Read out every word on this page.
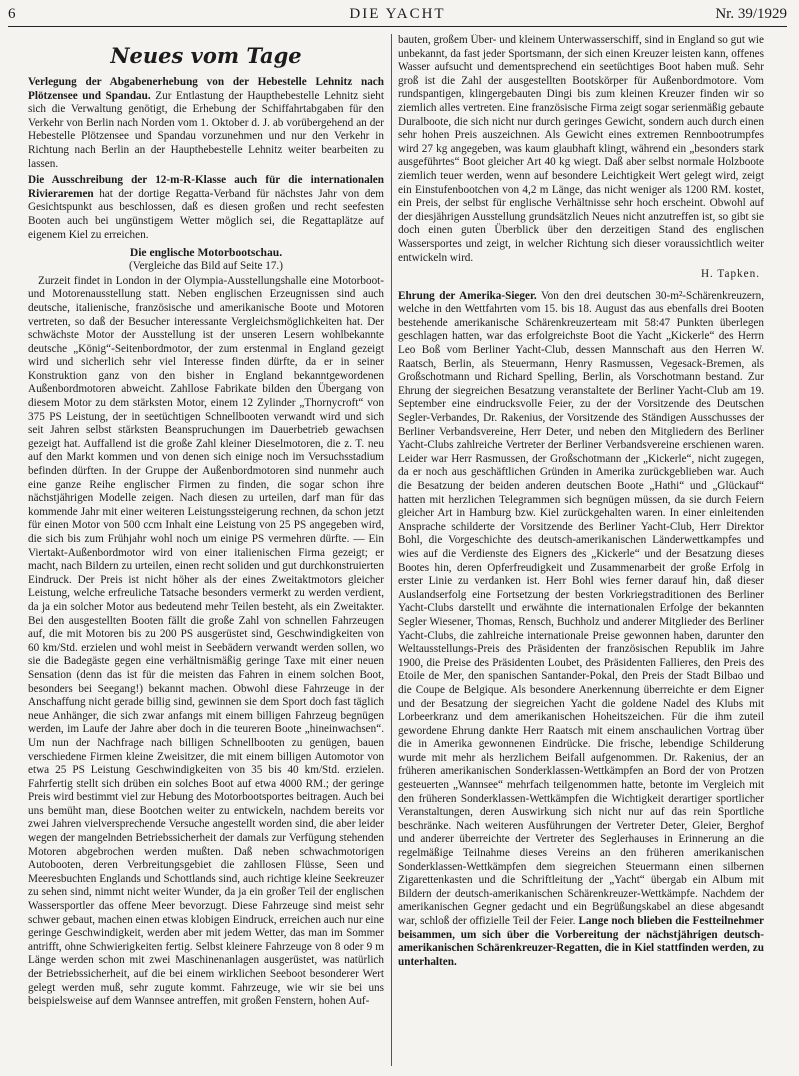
6	DIE YACHT	Nr. 39/1929
Neues vom Tage

Verlegung der Abgabenerhebung von der Hebestelle Lehnitz nach Plötzensee und Spandau. Zur Entlastung der Haupthebestelle Lehnitz sieht sich die Verwaltung genötigt, die Erhebung der Schiffahrtabgaben für den Verkehr von Berlin nach Norden vom 1. Oktober d. J. ab vorübergehend an der Hebestelle Plötzensee und Spandau vorzunehmen und nur den Verkehr in Richtung nach Berlin an der Haupthebestelle Lehnitz weiter bearbeiten zu lassen.

Die Ausschreibung der 12-m-R-Klasse auch für die internationalen Rivieraremen hat der dortige Regatta-Verband für nächstes Jahr von dem Gesichtspunkt aus beschlossen, daß es diesen großen und recht seefesten Booten auch bei ungünstigem Wetter möglich sei, die Regattaplätze auf eigenem Kiel zu erreichen.

Die englische Motorbootschau.
(Vergleiche das Bild auf Seite 17.)

Zurzeit findet in London in der Olympia-Ausstellungshalle eine Motorboot- und Motorenausstellung statt. Neben englischen Erzeugnissen sind auch deutsche, italienische, französische und amerikanische Boote und Motoren vertreten, so daß der Besucher interessante Vergleichsmöglichkeiten hat. Der schwächste Motor der Ausstellung ist der unseren Lesern wohlbekannte deutsche „König“-Seitenbordmotor, der zum erstenmal in England gezeigt wird und sicherlich sehr viel Interesse finden dürfte, da er in seiner Konstruktion ganz von den bisher in England bekanntgewordenen Außenbordmotoren abweicht. Zahllose Fabrikate bilden den Übergang von diesem Motor zu dem stärksten Motor, einem 12 Zylinder „Thornycroft“ von 375 PS Leistung, der in seetüchtigen Schnellbooten verwandt wird und sich seit Jahren selbst stärksten Beanspruchungen im Dauerbetrieb gewachsen gezeigt hat. Auffallend ist die große Zahl kleiner Dieselmotoren, die z. T. neu auf den Markt kommen und von denen sich einige noch im Versuchsstadium befinden dürften. In der Gruppe der Außenbordmotoren sind nunmehr auch eine ganze Reihe englischer Firmen zu finden, die sogar schon ihre nächstjährigen Modelle zeigen. Nach diesen zu urteilen, darf man für das kommende Jahr mit einer weiteren Leistungssteigerung rechnen, da schon jetzt für einen Motor von 500 ccm Inhalt eine Leistung von 25 PS angegeben wird, die sich bis zum Frühjahr wohl noch um einige PS vermehren dürfte. — Ein Viertakt-Außenbordmotor wird von einer italienischen Firma gezeigt; er macht, nach Bildern zu urteilen, einen recht soliden und gut durchkonstruierten Eindruck. Der Preis ist nicht höher als der eines Zweitaktmotors gleicher Leistung, welche erfreuliche Tatsache besonders vermerkt zu werden verdient, da ja ein solcher Motor aus bedeutend mehr Teilen besteht, als ein Zweitakter. Bei den ausgestellten Booten fällt die große Zahl von schnellen Fahrzeugen auf, die mit Motoren bis zu 200 PS ausgerüstet sind, Geschwindigkeiten von 60 km/Std. erzielen und wohl meist in Seebädern verwandt werden sollen, wo sie die Badegäste gegen eine verhältnismäßig geringe Taxe mit einer neuen Sensation (denn das ist für die meisten das Fahren in einem solchen Boot, besonders bei Seegang!) bekannt machen. Obwohl diese Fahrzeuge in der Anschaffung nicht gerade billig sind, gewinnen sie dem Sport doch fast täglich neue Anhänger, die sich zwar anfangs mit einem billigen Fahrzeug begnügen werden, im Laufe der Jahre aber doch in die teureren Boote „hineinwachsen“. Um nun der Nachfrage nach billigen Schnellbooten zu genügen, bauen verschiedene Firmen kleine Zweisitzer, die mit einem billigen Automotor von etwa 25 PS Leistung Geschwindigkeiten von 35 bis 40 km/Std. erzielen. Fahrfertig stellt sich drüben ein solches Boot auf etwa 4000 RM.; der geringe Preis wird bestimmt viel zur Hebung des Motorbootsportes beitragen. Auch bei uns bemüht man, diese Bootchen weiter zu entwickeln, nachdem bereits vor zwei Jahren vielversprechende Versuche angestellt worden sind, die aber leider wegen der mangelnden Betriebssicherheit der damals zur Verfügung stehenden Motoren abgebrochen werden mußten. Daß neben schwachmotorigen Autobooten, deren Verbreitungsgebiet die zahllosen Flüsse, Seen und Meeresbuchten Englands und Schottlands sind, auch richtige kleine Seekreuzer zu sehen sind, nimmt nicht weiter Wunder, da ja ein großer Teil der englischen Wassersportler das offene Meer bevorzugt. Diese Fahrzeuge sind meist sehr schwer gebaut, machen einen etwas klobigen Eindruck, erreichen auch nur eine geringe Geschwindigkeit, werden aber mit jedem Wetter, das man im Sommer antrifft, ohne Schwierigkeiten fertig. Selbst kleinere Fahrzeuge von 8 oder 9 m Länge werden schon mit zwei Maschinenanlagen ausgerüstet, was natürlich der Betriebssicherheit, auf die bei einem wirklichen Seeboot besonderer Wert gelegt werden muß, sehr zugute kommt. Fahrzeuge, wie wir sie bei uns beispielsweise auf dem Wannsee antreffen, mit großen Fenstern, hohen Auf-

bauten, großem Über- und kleinem Unterwasserschiff, sind in England so gut wie unbekannt, da fast jeder Sportsmann, der sich einen Kreuzer leisten kann, offenes Wasser aufsucht und dementsprechend ein seetüchtiges Boot haben muß. Sehr groß ist die Zahl der ausgestellten Bootskörper für Außenbordmotore. Vom rundspantigen, klingergebauten Dingi bis zum kleinen Kreuzer finden wir so ziemlich alles vertreten. Eine französische Firma zeigt sogar serienmäßig gebaute Duralboote, die sich nicht nur durch geringes Gewicht, sondern auch durch einen sehr hohen Preis auszeichnen. Als Gewicht eines extremen Rennbootrumpfes wird 27 kg angegeben, was kaum glaubhaft klingt, während ein „besonders stark ausgeführtes“ Boot gleicher Art 40 kg wiegt. Daß aber selbst normale Holzboote ziemlich teuer werden, wenn auf besondere Leichtigkeit Wert gelegt wird, zeigt ein Einstufenbootchen von 4,2 m Länge, das nicht weniger als 1200 RM. kostet, ein Preis, der selbst für englische Verhältnisse sehr hoch erscheint. Obwohl auf der diesjährigen Ausstellung grundsätzlich Neues nicht anzutreffen ist, so gibt sie doch einen guten Überblick über den derzeitigen Stand des englischen Wassersportes und zeigt, in welcher Richtung sich dieser voraussichtlich weiter entwickeln wird.

H. Tapken.

Ehrung der Amerika-Sieger. Von den drei deutschen 30-m²-Schärenkreuzern, welche in den Wettfahrten vom 15. bis 18. August das aus ebenfalls drei Booten bestehende amerikanische Schärenkreuzerteam mit 58:47 Punkten überlegen geschlagen hatten, war das erfolgreichste Boot die Yacht „Kickerle“ des Herrn Leo Boß vom Berliner Yacht-Club, dessen Mannschaft aus den Herren W. Raatsch, Berlin, als Steuermann, Henry Rasmussen, Vegesack-Bremen, als Großschotmann und Richard Spelling, Berlin, als Vorschotmann bestand. Zur Ehrung der siegreichen Besatzung veranstaltete der Berliner Yacht-Club am 19. September eine eindrucksvolle Feier, zu der der Vorsitzende des Deutschen Segler-Verbandes, Dr. Rakenius, der Vorsitzende des Ständigen Ausschusses der Berliner Verbandsvereine, Herr Deter, und neben den Mitgliedern des Berliner Yacht-Clubs zahlreiche Vertreter der Berliner Verbandsvereine erschienen waren. Leider war Herr Rasmussen, der Großschotmann der „Kickerle“, nicht zugegen, da er noch aus geschäftlichen Gründen in Amerika zurückgeblieben war. Auch die Besatzung der beiden anderen deutschen Boote „Hathi“ und „Glückauf“ hatten mit herzlichen Telegrammen sich begnügen müssen, da sie durch Feiern gleicher Art in Hamburg bzw. Kiel zurückgehalten waren. In einer einleitenden Ansprache schilderte der Vorsitzende des Berliner Yacht-Club, Herr Direktor Bohl, die Vorgeschichte des deutsch-amerikanischen Länderwettkampfes und wies auf die Verdienste des Eigners des „Kickerle“ und der Besatzung dieses Bootes hin, deren Opferfreudigkeit und Zusammenarbeit der große Erfolg in erster Linie zu verdanken ist. Herr Bohl wies ferner darauf hin, daß dieser Auslandserfolg eine Fortsetzung der besten Vorkriegstraditionen des Berliner Yacht-Clubs darstellt und erwähnte die internationalen Erfolge der bekannten Segler Wiesener, Thomas, Rensch, Buchholz und anderer Mitglieder des Berliner Yacht-Clubs, die zahlreiche internationale Preise gewonnen haben, darunter den Weltausstellungs-Preis des Präsidenten der französischen Republik im Jahre 1900, die Preise des Präsidenten Loubet, des Präsidenten Fallieres, den Preis des Etoile de Mer, den spanischen Santander-Pokal, den Preis der Stadt Bilbao und die Coupe de Belgique. Als besondere Anerkennung überreichte er dem Eigner und der Besatzung der siegreichen Yacht die goldene Nadel des Klubs mit Lorbeerkranz und dem amerikanischen Hoheitszeichen. Für die ihm zuteil gewordene Ehrung dankte Herr Raatsch mit einem anschaulichen Vortrag über die in Amerika gewonnenen Eindrücke. Die frische, lebendige Schilderung wurde mit mehr als herzlichem Beifall aufgenommen. Dr. Rakenius, der an früheren amerikanischen Sonderklassen-Wettkämpfen an Bord der von Protzen gesteuerten „Wannsee“ mehrfach teilgenommen hatte, betonte im Vergleich mit den früheren Sonderklassen-Wettkämpfen die Wichtigkeit derartiger sportlicher Veranstaltungen, deren Auswirkung sich nicht nur auf das rein Sportliche beschränke. Nach weiteren Ausführungen der Vertreter Deter, Gleier, Berghof und anderer überreichte der Vertreter des Seglerhauses in Erinnerung an die regelmäßige Teilnahme dieses Vereins an den früheren amerikanischen Sonderklassen-Wettkämpfen dem siegreichen Steuermann einen silbernen Zigarettenkasten und die Schriftleitung der „Yacht“ übergab ein Album mit Bildern der deutsch-amerikanischen Schärenkreuzer-Wettkämpfe. Nachdem der amerikanischen Gegner gedacht und ein Begrüßungskabel an diese abgesandt war, schloß der offizielle Teil der Feier. Lange noch blieben die Festteilnehmer beisammen, um sich über die Vorbereitung der nächstjährigen deutsch-amerikanischen Schärenkreuzer-Regatten, die in Kiel stattfinden werden, zu unterhalten.
